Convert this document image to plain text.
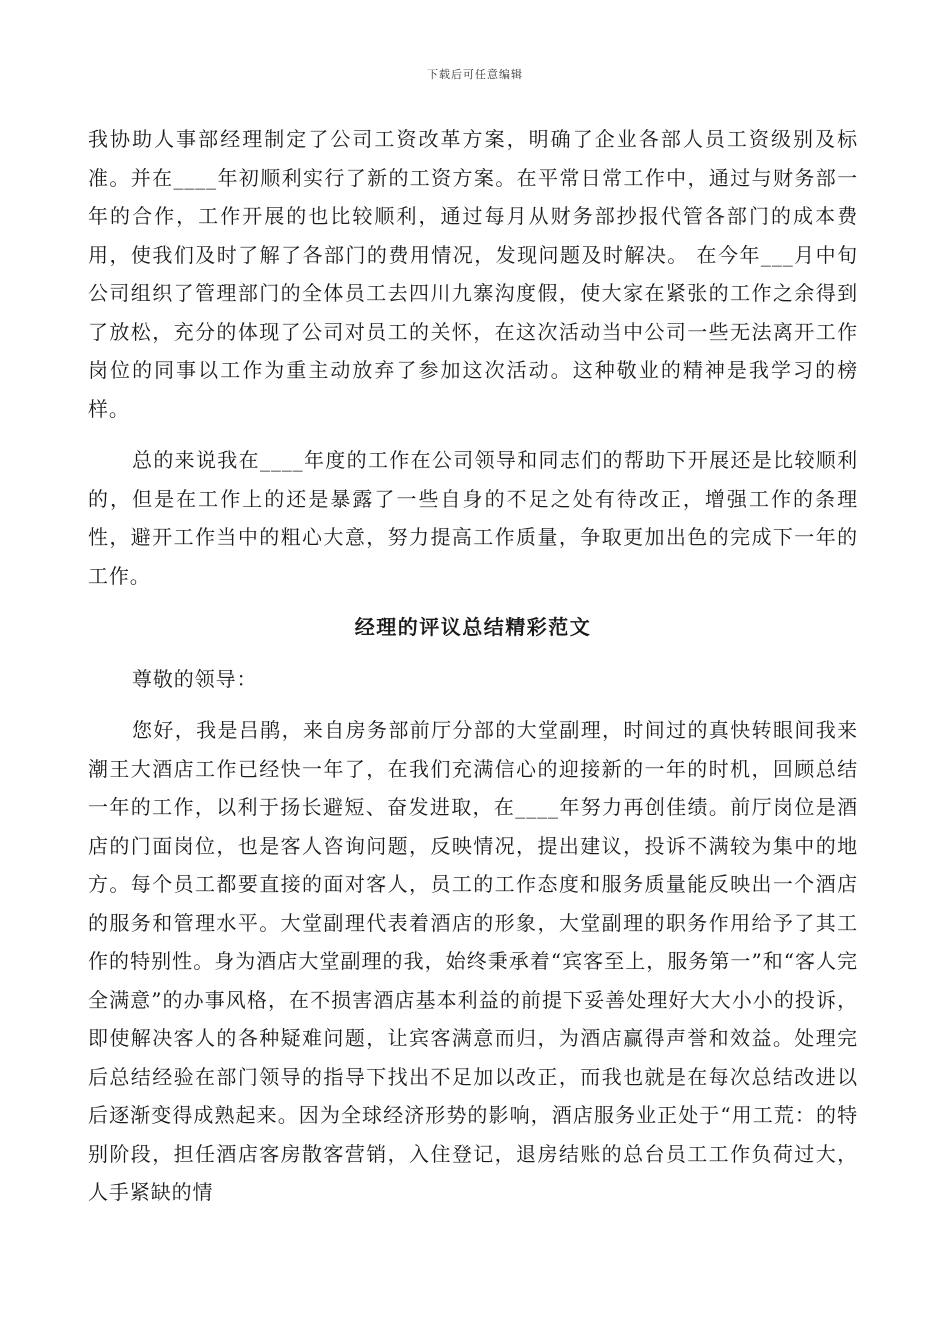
下载后可任意编辑

我协助人事部经理制定了公司工资改革方案，明确了企业各部人员工资级别及标准。并在____年初顺利实行了新的工资方案。在平常日常工作中，通过与财务部一年的合作，工作开展的也比较顺利，通过每月从财务部抄报代管各部门的成本费用，使我们及时了解了各部门的费用情况，发现问题及时解决。 在今年___月中旬公司组织了管理部门的全体员工去四川九寨沟度假，使大家在紧张的工作之余得到了放松，充分的体现了公司对员工的关怀，在这次活动当中公司一些无法离开工作岗位的同事以工作为重主动放弃了参加这次活动。这种敬业的精神是我学习的榜样。

总的来说我在____年度的工作在公司领导和同志们的帮助下开展还是比较顺利的，但是在工作上的还是暴露了一些自身的不足之处有待改正，增强工作的条理性，避开工作当中的粗心大意，努力提高工作质量，争取更加出色的完成下一年的工作。

经理的评议总结精彩范文

尊敬的领导：

您好，我是吕鹃，来自房务部前厅分部的大堂副理，时间过的真快转眼间我来潮王大酒店工作已经快一年了，在我们充满信心的迎接新的一年的时机，回顾总结一年的工作，以利于扬长避短、奋发进取，在____年努力再创佳绩。前厅岗位是酒店的门面岗位，也是客人咨询问题，反映情况，提出建议，投诉不满较为集中的地方。每个员工都要直接的面对客人，员工的工作态度和服务质量能反映出一个酒店的服务和管理水平。大堂副理代表着酒店的形象，大堂副理的职务作用给予了其工作的特别性。身为酒店大堂副理的我，始终秉承着“宾客至上，服务第一”和“客人完全满意”的办事风格，在不损害酒店基本利益的前提下妥善处理好大大小小的投诉，即使解决客人的各种疑难问题，让宾客满意而归，为酒店赢得声誉和效益。处理完后总结经验在部门领导的指导下找出不足加以改正，而我也就是在每次总结改进以后逐渐变得成熟起来。因为全球经济形势的影响，酒店服务业正处于“用工荒：的特别阶段，担任酒店客房散客营销，入住登记，退房结账的总台员工工作负荷过大，人手紧缺的情
